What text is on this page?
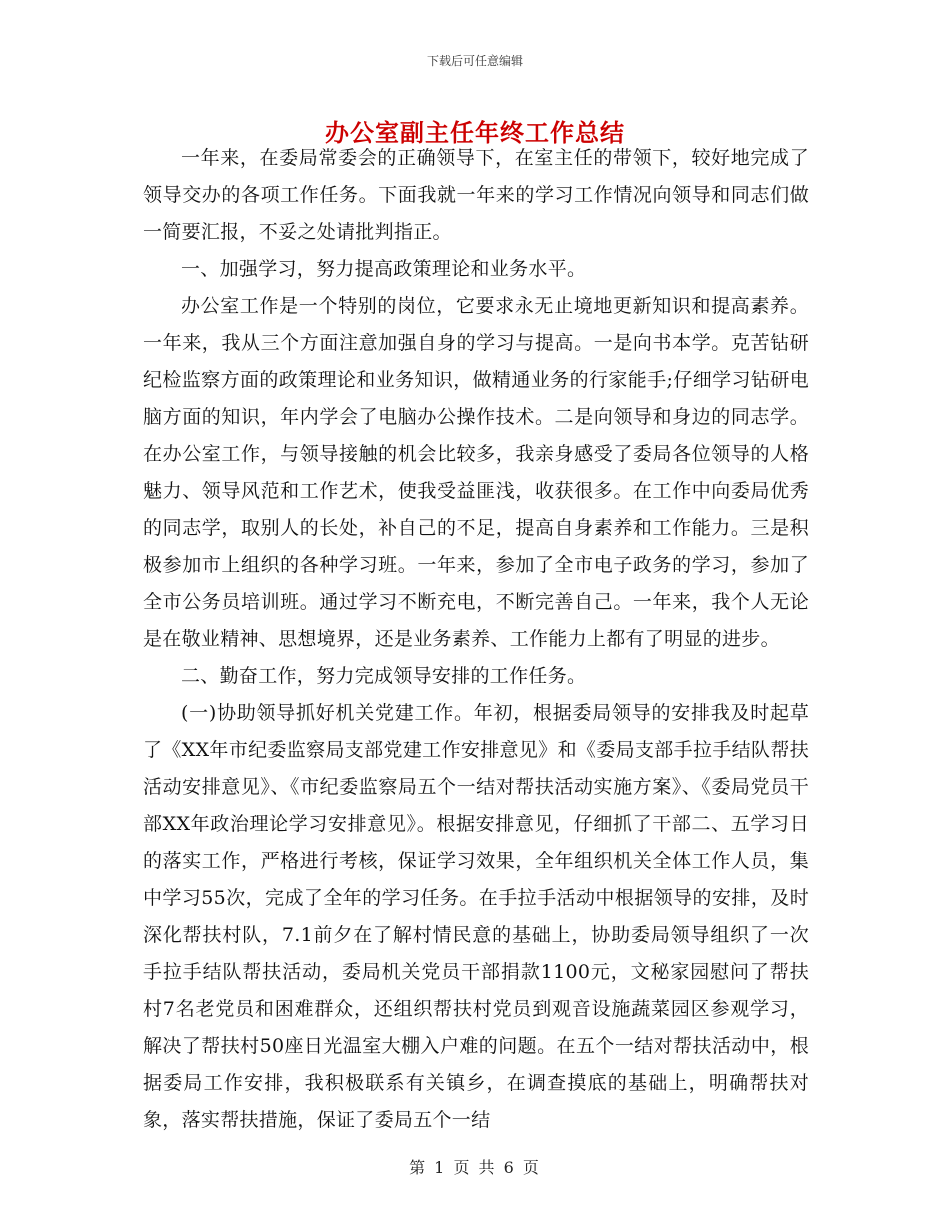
下载后可任意编辑
办公室副主任年终工作总结

一年来，在委局常委会的正确领导下，在室主任的带领下，较好地完成了领导交办的各项工作任务。下面我就一年来的学习工作情况向领导和同志们做一简要汇报，不妥之处请批判指正。

一、加强学习，努力提高政策理论和业务水平。

办公室工作是一个特别的岗位，它要求永无止境地更新知识和提高素养。一年来，我从三个方面注意加强自身的学习与提高。一是向书本学。克苦钻研纪检监察方面的政策理论和业务知识，做精通业务的行家能手;仔细学习钻研电脑方面的知识，年内学会了电脑办公操作技术。二是向领导和身边的同志学。在办公室工作，与领导接触的机会比较多，我亲身感受了委局各位领导的人格魅力、领导风范和工作艺术，使我受益匪浅，收获很多。在工作中向委局优秀的同志学，取别人的长处，补自己的不足，提高自身素养和工作能力。三是积极参加市上组织的各种学习班。一年来，参加了全市电子政务的学习，参加了全市公务员培训班。通过学习不断充电，不断完善自己。一年来，我个人无论是在敬业精神、思想境界，还是业务素养、工作能力上都有了明显的进步。

二、勤奋工作，努力完成领导安排的工作任务。

(一)协助领导抓好机关党建工作。年初，根据委局领导的安排我及时起草了《XX年市纪委监察局支部党建工作安排意见》和《委局支部手拉手结队帮扶活动安排意见》、《市纪委监察局五个一结对帮扶活动实施方案》、《委局党员干部XX年政治理论学习安排意见》。根据安排意见，仔细抓了干部二、五学习日的落实工作，严格进行考核，保证学习效果，全年组织机关全体工作人员，集中学习55次，完成了全年的学习任务。在手拉手活动中根据领导的安排，及时深化帮扶村队，7.1前夕在了解村情民意的基础上，协助委局领导组织了一次手拉手结队帮扶活动，委局机关党员干部捐款1100元，文秘家园慰问了帮扶村7名老党员和困难群众，还组织帮扶村党员到观音设施蔬菜园区参观学习，解决了帮扶村50座日光温室大棚入户难的问题。在五个一结对帮扶活动中，根据委局工作安排，我积极联系有关镇乡，在调查摸底的基础上，明确帮扶对象，落实帮扶措施，保证了委局五个一结

第 1 页 共 6 页
